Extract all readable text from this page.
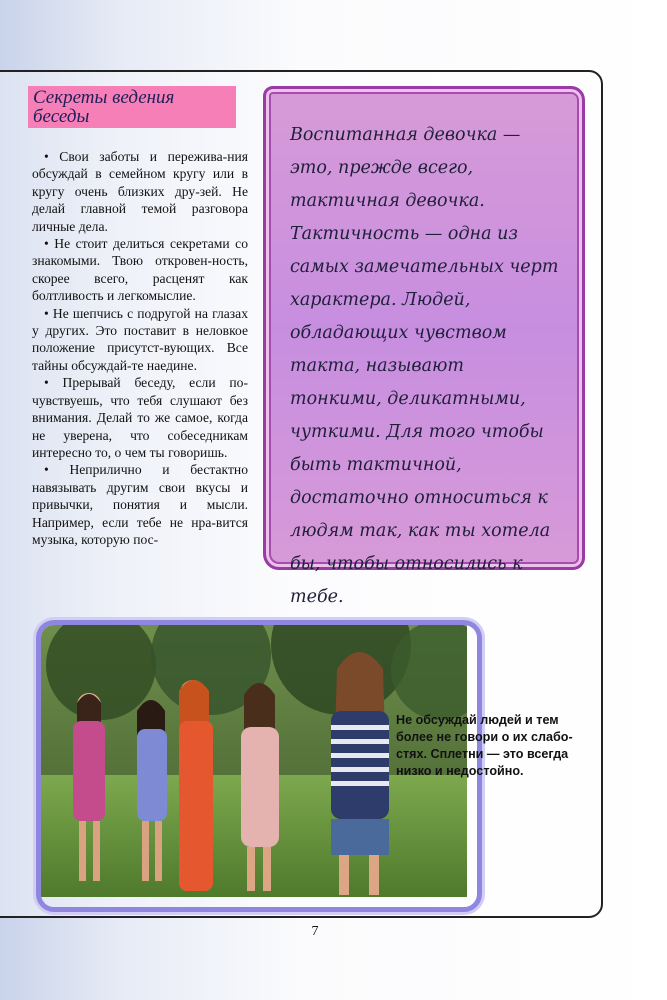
Секреты ведения беседы

• Свои заботы и пережива-ния обсуждай в семейном кругу или в кругу очень близких дру-зей. Не делай главной темой разговора личные дела.

• Не стоит делиться секретами со знакомыми. Твою откровен-ность, скорее всего, расценят как болтливость и легкомыслие.

• Не шепчись с подругой на глазах у других. Это поставит в неловкое положение присутст-вующих. Все тайны обсуждай-те наедине.

• Прерывай беседу, если по-чувствуешь, что тебя слушают без внимания. Делай то же самое, когда не уверена, что собеседникам интересно то, о чем ты говоришь.

• Неприлично и бестактно навязывать другим свои вкусы и привычки, понятия и мысли. Например, если тебе не нра-вится музыка, которую пос-

Воспитанная девочка — это, прежде всего, тактичная девочка. Тактичность — одна из самых замечательных черт характера. Людей, обладающих чувством такта, называют тонкими, деликатными, чуткими. Для того чтобы быть тактичной, достаточно относиться к людям так, как ты хотела бы, чтобы относились к тебе.
Не обсуждай людей и тем более не говори о их слабо-стях. Сплетни — это всегда низко и недостойно.
7
